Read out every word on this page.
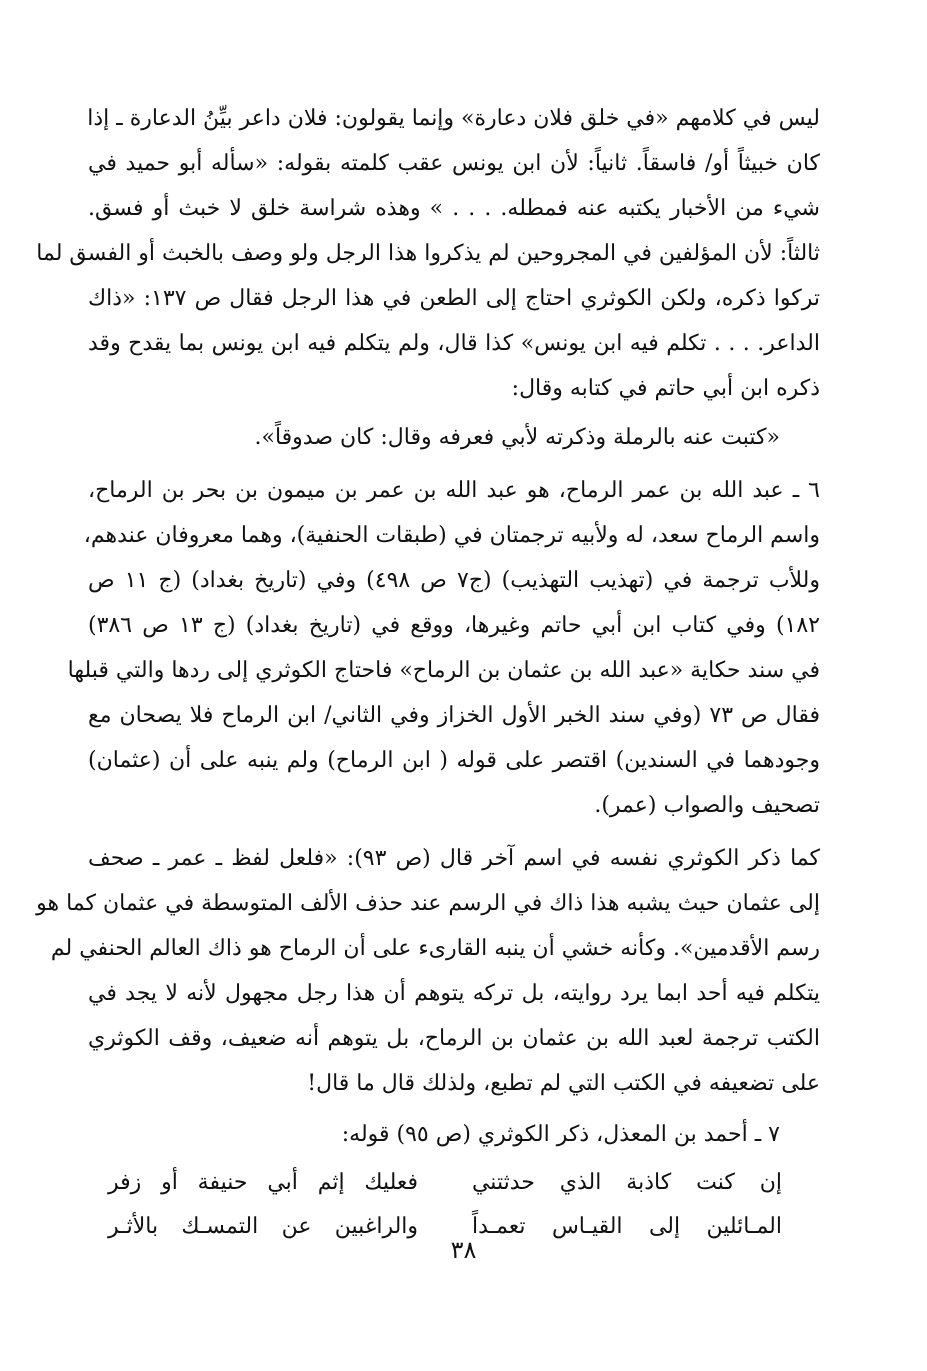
ليس في كلامهم «في خلق فلان دعارة» وإنما يقولون: فلان داعر بيِّنُ الدعارة ـ إذا
كان خبيثاً أو/ فاسقاً. ثانياً: لأن ابن يونس عقب كلمته بقوله: «سأله أبو حميد في
شيء من الأخبار يكتبه عنه فمطله. . . . » وهذه شراسة خلق لا خبث أو فسق.
ثالثاً: لأن المؤلفين في المجروحين لم يذكروا هذا الرجل ولو وصف بالخبث أو الفسق لما
تركوا ذكره، ولكن الكوثري احتاج إلى الطعن في هذا الرجل فقال ص ١٣٧: «ذاك
الداعر. . . . تكلم فيه ابن يونس» كذا قال، ولم يتكلم فيه ابن يونس بما يقدح وقد
ذكره ابن أبي حاتم في كتابه وقال:

«كتبت عنه بالرملة وذكرته لأبي فعرفه وقال: كان صدوقاً».

٦ ـ عبد الله بن عمر الرماح، هو عبد الله بن عمر بن ميمون بن بحر بن الرماح،
واسم الرماح سعد، له ولأبيه ترجمتان في (طبقات الحنفية)، وهما معروفان عندهم،
وللأب ترجمة في (تهذيب التهذيب) (ج٧ ص ٤٩٨) وفي (تاريخ بغداد) (ج ١١ ص
١٨٢) وفي كتاب ابن أبي حاتم وغيرها، ووقع في (تاريخ بغداد) (ج ١٣ ص ٣٨٦)
في سند حكاية «عبد الله بن عثمان بن الرماح» فاحتاج الكوثري إلى ردها والتي قبلها
فقال ص ٧٣ (وفي سند الخبر الأول الخزاز وفي الثاني/ ابن الرماح فلا يصحان مع
وجودهما في السندين) اقتصر على قوله ( ابن الرماح) ولم ينبه على أن (عثمان)
تصحيف والصواب (عمر).

كما ذكر الكوثري نفسه في اسم آخر قال (ص ٩٣): «فلعل لفظ ـ عمر ـ صحف
إلى عثمان حيث يشبه هذا ذاك في الرسم عند حذف الألف المتوسطة في عثمان كما هو
رسم الأقدمين». وكأنه خشي أن ينبه القارىء على أن الرماح هو ذاك العالم الحنفي لم
يتكلم فيه أحد ابما يرد روايته، بل تركه يتوهم أن هذا رجل مجهول لأنه لا يجد في
الكتب ترجمة لعبد الله بن عثمان بن الرماح، بل يتوهم أنه ضعيف، وقف الكوثري
على تضعيفه في الكتب التي لم تطبع، ولذلك قال ما قال!

٧ ـ أحمد بن المعذل، ذكر الكوثري (ص ٩٥) قوله:

إن كنت كاذبة الذي حدثتني
فعليك إثم أبي حنيفة أو زفر
المـائلين إلى القيـاس تعمـداً
والراغبين عن التمسـك بالأثـر
٣٨
